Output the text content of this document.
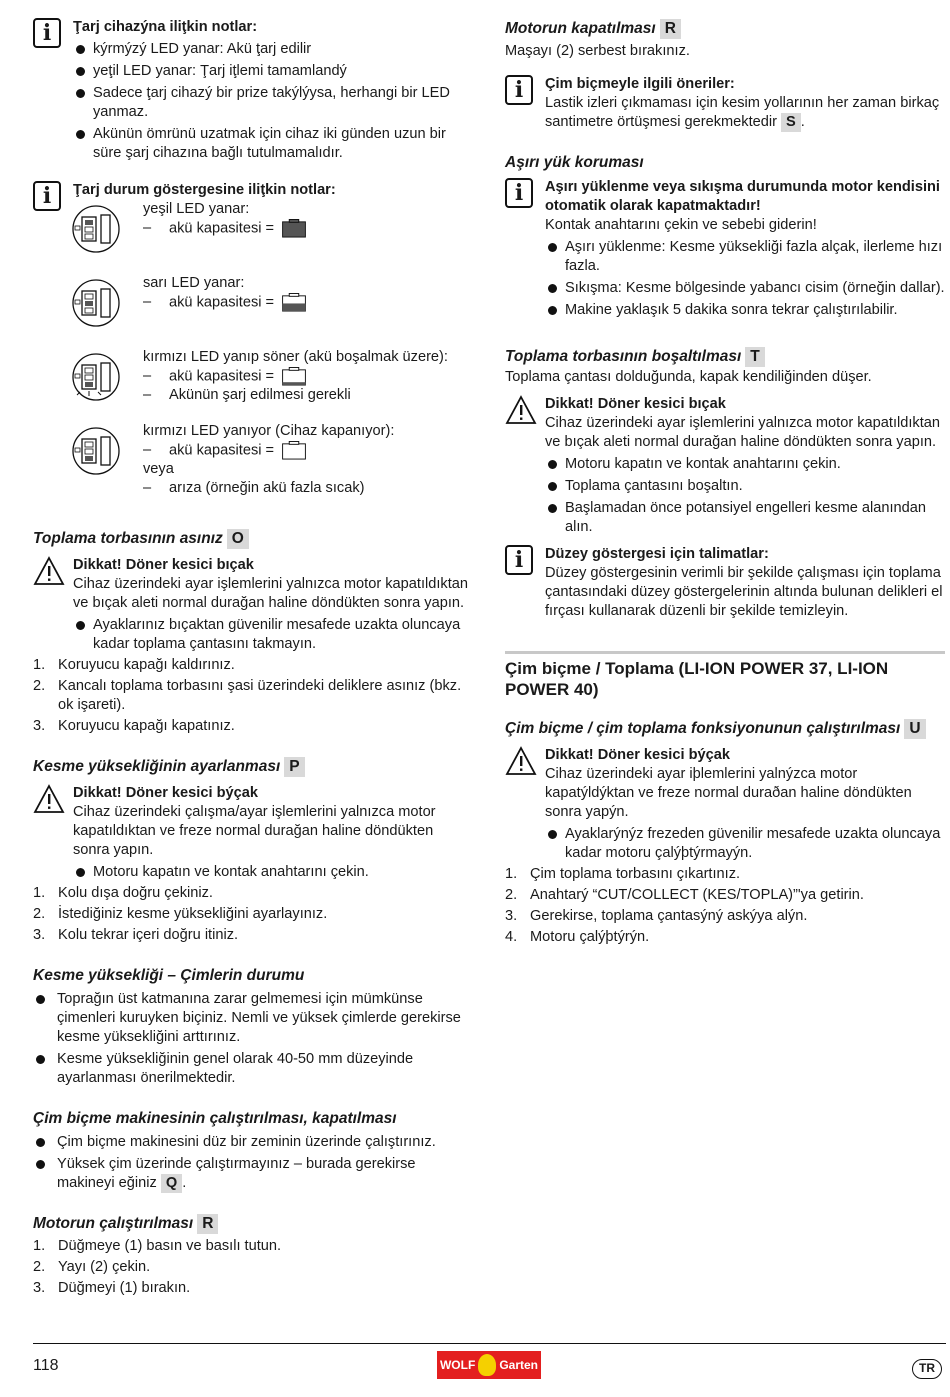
i	Ţarj cihazýna iliţkin notlar:

kýrmýzý LED yanar: Akü ţarj edilir
yeţil LED yanar: Ţarj iţlemi tamamlandý
Sadece ţarj cihazý bir prize takýlýysa, herhangi bir LED yanmaz.
Akünün ömrünü uzatmak için cihaz iki günden uzun bir süre şarj cihazına bağlı tutulmamalıdır.
i	Ţarj durum göstergesine iliţkin notlar:

yeşil LED yanar:

– akü kapasitesi =

sarı LED yanar:

– akü kapasitesi =

kırmızı LED yanıp söner (akü boşalmak üzere):

– akü kapasitesi =

– Akünün şarj edilmesi gerekli

kırmızı LED yanıyor (Cihaz kapanıyor):

– akü kapasitesi =

veya

– arıza (örneğin akü fazla sıcak)

Toplama torbasının asınız O

Dikkat! Döner kesici bıçak

Cihaz üzerindeki ayar işlemlerini yalnızca motor kapatıldıktan ve bıçak aleti normal durağan haline döndükten sonra yapın.

Ayaklarınız bıçaktan güvenilir mesafede uzakta oluncaya kadar toplama çantasını takmayın.
1. Koruyucu kapağı kaldırınız.
2. Kancalı toplama torbasını şasi üzerindeki deliklere asınız (bkz. ok işareti).
3. Koruyucu kapağı kapatınız.
Kesme yüksekliğinin ayarlanması P

Dikkat! Döner kesici býçak

Cihaz üzerindeki çalışma/ayar işlemlerini yalnızca motor kapatıldıktan ve freze normal durağan haline döndükten sonra yapın.

Motoru kapatın ve kontak anahtarını çekin.
1. Kolu dışa doğru çekiniz.
2. İstediğiniz kesme yüksekliğini ayarlayınız.
3. Kolu tekrar içeri doğru itiniz.
Kesme yüksekliği – Çimlerin durumu
Toprağın üst katmanına zarar gelmemesi için mümkünse çimenleri kuruyken biçiniz. Nemli ve yüksek çimlerde gerekirse kesme yüksekliğini arttırınız.
Kesme yüksekliğinin genel olarak 40-50 mm düzeyinde ayarlanması önerilmektedir.
Çim biçme makinesinin çalıştırılması, kapatılması
Çim biçme makinesini düz bir zeminin üzerinde çalıştırınız.
Yüksek çim üzerinde çalıştırmayınız – burada gerekirse makineyi eğiniz Q .
Motorun çalıştırılması R
1. Düğmeye (1) basın ve basılı tutun.
2. Yayı (2) çekin.
3. Düğmeyi (1) bırakın.
Motorun kapatılması R

Maşayı (2) serbest bırakınız.

i	Çim biçmeyle ilgili öneriler:

Lastik izleri çıkmaması için kesim yollarının her zaman birkaç santimetre örtüşmesi gerekmektedir S .

Aşırı yük koruması
i	Aşırı yüklenme veya sıkışma durumunda motor kendisini otomatik olarak kapatmaktadır!

Kontak anahtarını çekin ve sebebi giderin!

Aşırı yüklenme: Kesme yüksekliği fazla alçak, ilerleme hızı fazla.
Sıkışma: Kesme bölgesinde yabancı cisim (örneğin dallar).
Makine yaklaşık 5 dakika sonra tekrar çalıştırılabilir.
Toplama torbasının boşaltılması T

Toplama çantası dolduğunda, kapak kendiliğinden düşer.

Dikkat! Döner kesici bıçak

Cihaz üzerindeki ayar işlemlerini yalnızca motor kapatıldıktan ve bıçak aleti normal durağan haline döndükten sonra yapın.

Motoru kapatın ve kontak anahtarını çekin.
Toplama çantasını boşaltın.
Başlamadan önce potansiyel engelleri kesme alanından alın.
i	Düzey göstergesi için talimatlar:

Düzey göstergesinin verimli bir şekilde çalışması için toplama çantasındaki düzey göstergelerinin altında bulunan delikleri el fırçası kullanarak düzenli bir şekilde temizleyin.

Çim biçme / Toplama (LI-ION POWER 37, LI-ION POWER 40)
Çim biçme / çim toplama fonksiyonunun çalıştırılması U

Dikkat! Döner kesici býçak

Cihaz üzerindeki ayar iþlemlerini yalnýzca motor kapatýldýktan ve freze normal duraðan haline döndükten sonra yapýn.

Ayaklarýnýz frezeden güvenilir mesafede uzakta oluncaya kadar motoru çalýþtýrmayýn.
1. Çim toplama torbasını çıkartınız.
2. Anahtarý “CUT/COLLECT (KES/TOPLA)”'ya getirin.
3. Gerekirse, toplama çantasýný askýya alýn.
4. Motoru çalýþtýrýn.
118	WOLF Garten	TR
